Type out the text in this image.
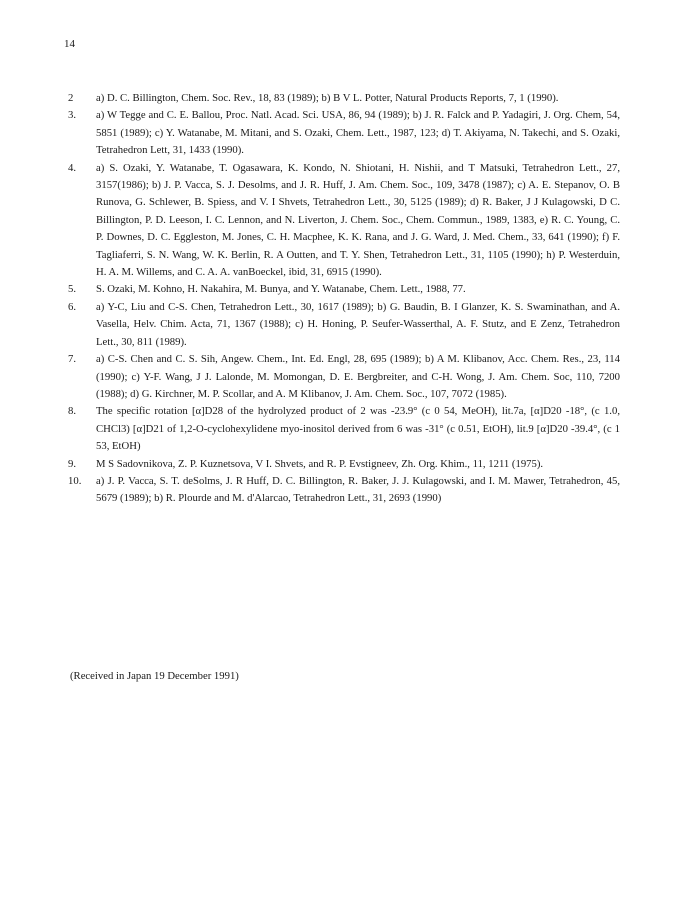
14
2	a) D. C. Billington, Chem. Soc. Rev., 18, 83 (1989); b) B V L. Potter, Natural Products Reports, 7, 1 (1990).
3.	a) W Tegge and C. E. Ballou, Proc. Natl. Acad. Sci. USA, 86, 94 (1989); b) J. R. Falck and P. Yadagiri, J. Org. Chem, 54, 5851 (1989); c) Y. Watanabe, M. Mitani, and S. Ozaki, Chem. Lett., 1987, 123; d) T. Akiyama, N. Takechi, and S. Ozaki, Tetrahedron Lett, 31, 1433 (1990).
4.	a) S. Ozaki, Y. Watanabe, T. Ogasawara, K. Kondo, N. Shiotani, H. Nishii, and T Matsuki, Tetrahedron Lett., 27, 3157(1986); b) J. P. Vacca, S. J. Desolms, and J. R. Huff, J. Am. Chem. Soc., 109, 3478 (1987); c) A. E. Stepanov, O. B Runova, G. Schlewer, B. Spiess, and V. I Shvets, Tetrahedron Lett., 30, 5125 (1989); d) R. Baker, J J Kulagowski, D C. Billington, P. D. Leeson, I. C. Lennon, and N. Liverton, J. Chem. Soc., Chem. Commun., 1989, 1383, e) R. C. Young, C. P. Downes, D. C. Eggleston, M. Jones, C. H. Macphee, K. K. Rana, and J. G. Ward, J. Med. Chem., 33, 641 (1990); f) F. Tagliaferri, S. N. Wang, W. K. Berlin, R. A Outten, and T. Y. Shen, Tetrahedron Lett., 31, 1105 (1990); h) P. Westerduin, H. A. M. Willems, and C. A. A. vanBoeckel, ibid, 31, 6915 (1990).
5.	S. Ozaki, M. Kohno, H. Nakahira, M. Bunya, and Y. Watanabe, Chem. Lett., 1988, 77.
6.	a) Y-C, Liu and C-S. Chen, Tetrahedron Lett., 30, 1617 (1989); b) G. Baudin, B. I Glanzer, K. S. Swaminathan, and A. Vasella, Helv. Chim. Acta, 71, 1367 (1988); c) H. Honing, P. Seufer-Wasserthal, A. F. Stutz, and E Zenz, Tetrahedron Lett., 30, 811 (1989).
7.	a) C-S. Chen and C. S. Sih, Angew. Chem., Int. Ed. Engl, 28, 695 (1989); b) A M. Klibanov, Acc. Chem. Res., 23, 114 (1990); c) Y-F. Wang, J J. Lalonde, M. Momongan, D. E. Bergbreiter, and C-H. Wong, J. Am. Chem. Soc, 110, 7200 (1988); d) G. Kirchner, M. P. Scollar, and A. M Klibanov, J. Am. Chem. Soc., 107, 7072 (1985).
8.	The specific rotation [α]D28 of the hydrolyzed product of 2 was -23.9° (c 0 54, MeOH), lit.7a, [α]D20 -18°, (c 1.0, CHCl3) [α]D21 of 1,2-O-cyclohexylidene myo-inositol derived from 6 was -31° (c 0.51, EtOH), lit.9 [α]D20 -39.4°, (c 1 53, EtOH)
9.	M S Sadovnikova, Z. P. Kuznetsova, V I. Shvets, and R. P. Evstigneev, Zh. Org. Khim., 11, 1211 (1975).
10.	a) J. P. Vacca, S. T. deSolms, J. R Huff, D. C. Billington, R. Baker, J. J. Kulagowski, and I. M. Mawer, Tetrahedron, 45, 5679 (1989); b) R. Plourde and M. d'Alarcao, Tetrahedron Lett., 31, 2693 (1990)
(Received in Japan 19 December 1991)
